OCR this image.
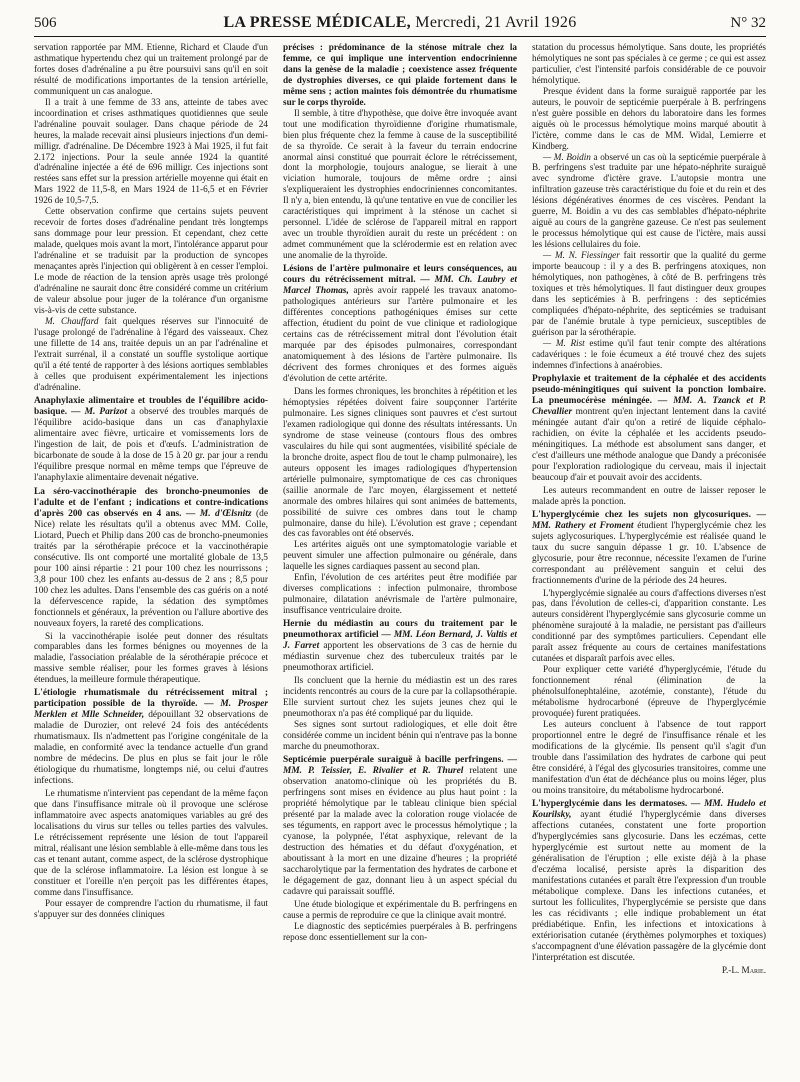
506	LA PRESSE MÉDICALE, Mercredi, 21 Avril 1926	N° 32

servation rapportée par MM. Etienne, Richard et Claude d'un asthmatique hypertendu chez qui un traitement prolongé par de fortes doses d'adrénaline a pu être poursuivi sans qu'il en soit résulté de modifications importantes de la tension artérielle, communiquent un cas analogue.

Il a trait à une femme de 33 ans, atteinte de tabes avec incoordination et crises asthmatiques quotidiennes que seule l'adrénaline pouvait soulager. Dans chaque période de 24 heures, la malade recevait ainsi plusieurs injections d'un demi-milligr. d'adrénaline. De Décembre 1923 à Mai 1925, il fut fait 2.172 injections. Pour la seule année 1924 la quantité d'adrénaline injectée a été de 696 milligr. Ces injections sont restées sans effet sur la pression artérielle moyenne qui était en Mars 1922 de 11,5-8, en Mars 1924 de 11-6,5 et en Février 1926 de 10,5-7,5.

Cette observation confirme que certains sujets peuvent recevoir de fortes doses d'adrénaline pendant très longtemps sans dommage pour leur pression. Et cependant, chez cette malade, quelques mois avant la mort, l'intolérance apparut pour l'adrénaline et se traduisit par la production de syncopes menaçantes après l'injection qui obligèrent à en cesser l'emploi. Le mode de réaction de la tension après usage très prolongé d'adrénaline ne saurait donc être considéré comme un critérium de valeur absolue pour juger de la tolérance d'un organisme vis-à-vis de cette substance.

M. Chauffard fait quelques réserves sur l'innocuité de l'usage prolongé de l'adrénaline à l'égard des vaisseaux. Chez une fillette de 14 ans, traitée depuis un an par l'adrénaline et l'extrait surrénal, il a constaté un souffle systolique aortique qu'il a été tenté de rapporter à des lésions aortiques semblables à celles que produisent expérimentalement les injections d'adrénaline.

Anaphylaxie alimentaire et troubles de l'équilibre acido-basique. — M. Parizot a observé des troubles marqués de l'équilibre acido-basique dans un cas d'anaphylaxie alimentaire avec fièvre, urticaire et vomissements lors de l'ingestion de lait, de pois et d'œufs. L'administration de bicarbonate de soude à la dose de 15 à 20 gr. par jour a rendu l'équilibre presque normal en même temps que l'épreuve de l'anaphylaxie alimentaire devenait négative.
La séro-vaccinothérapie des broncho-pneumonies de l'adulte et de l'enfant ; indications et contre-indications d'après 200 cas observés en 4 ans. — M. d'Œlsnitz (de Nice) relate les résultats qu'il a obtenus avec MM. Colle, Liotard, Puech et Philip dans 200 cas de broncho-pneumonies traités par la sérothérapie précoce et la vaccinothérapie consécutive. Ils ont comporté une mortalité globale de 13,5 pour 100 ainsi répartie : 21 pour 100 chez les nourrissons ; 3,8 pour 100 chez les enfants au-dessus de 2 ans ; 8,5 pour 100 chez les adultes. Dans l'ensemble des cas guéris on a noté la défervescence rapide, la sédation des symptômes fonctionnels et généraux, la prévention ou l'allure abortive des nouveaux foyers, la rareté des complications.

Si la vaccinothérapie isolée peut donner des résultats comparables dans les formes bénignes ou moyennes de la maladie, l'association préalable de la sérothérapie précoce et massive semble réaliser, pour les formes graves à lésions étendues, la meilleure formule thérapeutique.

L'étiologie rhumatismale du rétrécissement mitral ; participation possible de la thyroïde. — M. Prosper Merklen et Mlle Schneider, dépouillant 32 observations de maladie de Durozier, ont relevé 24 fois des antécédents rhumatismaux. Ils n'admettent pas l'origine congénitale de la maladie, en conformité avec la tendance actuelle d'un grand nombre de médecins. De plus en plus se fait jour le rôle étiologique du rhumatisme, longtemps nié, ou celui d'autres infections.

Le rhumatisme n'intervient pas cependant de la même façon que dans l'insuffisance mitrale où il provoque une sclérose inflammatoire avec aspects anatomiques variables au gré des localisations du virus sur telles ou telles parties des valvules. Le rétrécissement représente une lésion de tout l'appareil mitral, réalisant une lésion semblable à elle-même dans tous les cas et tenant autant, comme aspect, de la sclérose dystrophique que de la sclérose inflammatoire. La lésion est longue à se constituer et l'oreille n'en perçoit pas les différentes étapes, comme dans l'insuffisance.

Pour essayer de comprendre l'action du rhumatisme, il faut s'appuyer sur des données cliniques

précises : prédominance de la sténose mitrale chez la femme, ce qui implique une intervention endocrinienne dans la genèse de la maladie ; coexistence assez fréquente de dystrophies diverses, ce qui plaide fortement dans le même sens ; action maintes fois démontrée du rhumatisme sur le corps thyroïde.

Il semble, à titre d'hypothèse, que doive être invoquée avant tout une modification thyroïdienne d'origine rhumatismale, bien plus fréquente chez la femme à cause de la susceptibilité de sa thyroïde. Ce serait à la faveur du terrain endocrine anormal ainsi constitué que pourrait éclore le rétrécissement, dont la morphologie, toujours analogue, se lierait à une viciation humorale, toujours de même ordre ; ainsi s'expliqueraient les dystrophies endocriniennes concomitantes. Il n'y a, bien entendu, là qu'une tentative en vue de concilier les caractéristiques qui impriment à la sténose un cachet si personnel. L'idée de sclérose de l'appareil mitral en rapport avec un trouble thyroïdien aurait du reste un précédent : on admet communément que la sclérodermie est en relation avec une anomalie de la thyroïde.

Lésions de l'artère pulmonaire et leurs conséquences, au cours du rétrécissement mitral. — MM. Ch. Laubry et Marcel Thomas, après avoir rappelé les travaux anatomo-pathologiques antérieurs sur l'artère pulmonaire et les différentes conceptions pathogéniques émises sur cette affection, étudient du point de vue clinique et radiologique certains cas de rétrécissement mitral dont l'évolution était marquée par des épisodes pulmonaires, correspondant anatomiquement à des lésions de l'artère pulmonaire. Ils décrivent des formes chroniques et des formes aiguës d'évolution de cette artérite.

Dans les formes chroniques, les bronchites à répétition et les hémoptysies répétées doivent faire soupçonner l'artérite pulmonaire. Les signes cliniques sont pauvres et c'est surtout l'examen radiologique qui donne des résultats intéressants. Un syndrome de stase veineuse (contours flous des ombres vasculaires du hile qui sont augmentées, visibilité spéciale de la bronche droite, aspect flou de tout le champ pulmonaire), les auteurs opposent les images radiologiques d'hypertension artérielle pulmonaire, symptomatique de ces cas chroniques (saillie anormale de l'arc moyen, élargissement et netteté anormale des ombres hilaires qui sont animées de battements, possibilité de suivre ces ombres dans tout le champ pulmonaire, danse du hile). L'évolution est grave ; cependant des cas favorables ont été observés.

Les artérites aiguës ont une symptomatologie variable et peuvent simuler une affection pulmonaire ou générale, dans laquelle les signes cardiaques passent au second plan.

Enfin, l'évolution de ces artérites peut être modifiée par diverses complications : infection pulmonaire, thrombose pulmonaire, dilatation anévrismale de l'artère pulmonaire, insuffisance ventriculaire droite.

Hernie du médiastin au cours du traitement par le pneumothorax artificiel — MM. Léon Bernard, J. Valtis et J. Farret apportent les observations de 3 cas de hernie du médiastin survenue chez des tuberculeux traités par le pneumothorax artificiel.

Ils concluent que la hernie du médiastin est un des rares incidents rencontrés au cours de la cure par la collapsothérapie. Elle survient surtout chez les sujets jeunes chez qui le pneumothorax n'a pas été compliqué par du liquide.

Ses signes sont surtout radiologiques, et elle doit être considérée comme un incident bénin qui n'entrave pas la bonne marche du pneumothorax.

Septicémie puerpérale suraiguë à bacille perfringens. — MM. P. Teissier, E. Rivalier et R. Thurel relatent une observation anatomo-clinique où les propriétés du B. perfringens sont mises en évidence au plus haut point : la propriété hémolytique par le tableau clinique bien spécial présenté par la malade avec la coloration rouge violacée de ses téguments, en rapport avec le processus hémolytique ; la cyanose, la polypnée, l'état asphyxique, relevant de la destruction des hématies et du défaut d'oxygénation, et aboutissant à la mort en une dizaine d'heures ; la propriété saccharolytique par la fermentation des hydrates de carbone et le dégagement de gaz, donnant lieu à un aspect spécial du cadavre qui paraissait soufflé.

Une étude biologique et expérimentale du B. perfringens en cause a permis de reproduire ce que la clinique avait montré.

Le diagnostic des septicémies puerpérales à B. perfringens repose donc essentiellement sur la con-

statation du processus hémolytique. Sans doute, les propriétés hémolytiques ne sont pas spéciales à ce germe ; ce qui est assez particulier, c'est l'intensité parfois considérable de ce pouvoir hémolytique.

Presque évident dans la forme suraiguë rapportée par les auteurs, le pouvoir de septicémie puerpérale à B. perfringens n'est guère possible en dehors du laboratoire dans les formes aiguës où le processus hémolytique moins marqué aboutit à l'ictère, comme dans le cas de MM. Widal, Lemierre et Kindberg.

— M. Boidin a observé un cas où la septicémie puerpérale à B. perfringens s'est traduite par une hépato-néphrite suraiguë avec syndrome d'ictère grave. L'autopsie montra une infiltration gazeuse très caractéristique du foie et du rein et des lésions dégénératives énormes de ces viscères. Pendant la guerre, M. Boidin a vu des cas semblables d'hépato-néphrite aiguë au cours de la gangrène gazeuse. Ce n'est pas seulement le processus hémolytique qui est cause de l'ictère, mais aussi les lésions cellulaires du foie.

— M. N. Fiessinger fait ressortir que la qualité du germe importe beaucoup : il y a des B. perfringens atoxiques, non hémolytiques, non pathogènes, à côté de B. perfringens très toxiques et très hémolytiques. Il faut distinguer deux groupes dans les septicémies à B. perfringens : des septicémies compliquées d'hépato-néphrite, des septicémies se traduisant par de l'anémie brutale à type pernicieux, susceptibles de guérison par la sérothérapie.

— M. Rist estime qu'il faut tenir compte des altérations cadavériques : le foie écumeux a été trouvé chez des sujets indemnes d'infections à anaérobies.

Prophylaxie et traitement de la céphalée et des accidents pseudo-méningitiques qui suivent la ponction lombaire. La pneumocérèse méningée. — MM. A. Tzanck et P. Chevallier montrent qu'en injectant lentement dans la cavité méningée autant d'air qu'on a retiré de liquide céphalo-rachidien, on évite la céphalée et les accidents pseudo-méningitiques. La méthode est absolument sans danger, et c'est d'ailleurs une méthode analogue que Dandy a préconisée pour l'exploration radiologique du cerveau, mais il injectait beaucoup d'air et pouvait avoir des accidents.

Les auteurs recommandent en outre de laisser reposer le malade après la ponction.

L'hyperglycémie chez les sujets non glycosuriques. — MM. Rathery et Froment étudient l'hyperglycémie chez les sujets aglycosuriques. L'hyperglycémie est réalisée quand le taux du sucre sanguin dépasse 1 gr. 10. L'absence de glycosurie, pour être reconnue, nécessite l'examen de l'urine correspondant au prélèvement sanguin et celui des fractionnements d'urine de la période des 24 heures.

L'hyperglycémie signalée au cours d'affections diverses n'est pas, dans l'évolution de celles-ci, d'apparition constante. Les auteurs considèrent l'hyperglycémie sans glycosurie comme un phénomène surajouté à la maladie, ne persistant pas d'ailleurs conditionné par des symptômes particuliers. Cependant elle paraît assez fréquente au cours de certaines manifestations cutanées et disparaît parfois avec elles.

Pour expliquer cette variété d'hyperglycémie, l'étude du fonctionnement rénal (élimination de la phénolsulfonephtaléine, azotémie, constante), l'étude du métabolisme hydrocarboné (épreuve de l'hyperglycémie provoquée) furent pratiquées.

Les auteurs concluent à l'absence de tout rapport proportionnel entre le degré de l'insuffisance rénale et les modifications de la glycémie. Ils pensent qu'il s'agit d'un trouble dans l'assimilation des hydrates de carbone qui peut être considéré, à l'égal des glycosuries transitoires, comme une manifestation d'un état de déchéance plus ou moins léger, plus ou moins transitoire, du métabolisme hydrocarboné.

L'hyperglycémie dans les dermatoses. — MM. Hudelo et Kourilsky, ayant étudié l'hyperglycémie dans diverses affections cutanées, constatent une forte proportion d'hyperglycémies sans glycosurie. Dans les eczémas, cette hyperglycémie est surtout nette au moment de la généralisation de l'éruption ; elle existe déjà à la phase d'eczéma localisé, persiste après la disparition des manifestations cutanées et paraît être l'expression d'un trouble métabolique complexe. Dans les infections cutanées, et surtout les folliculites, l'hyperglycémie se persiste que dans les cas récidivants ; elle indique probablement un état prédiabétique. Enfin, les infections et intoxications à extériorisation cutanée (érythèmes polymorphes et toxiques) s'accompagnent d'une élévation passagère de la glycémie dont l'interprétation est discutée.

P.-L. Marie.
